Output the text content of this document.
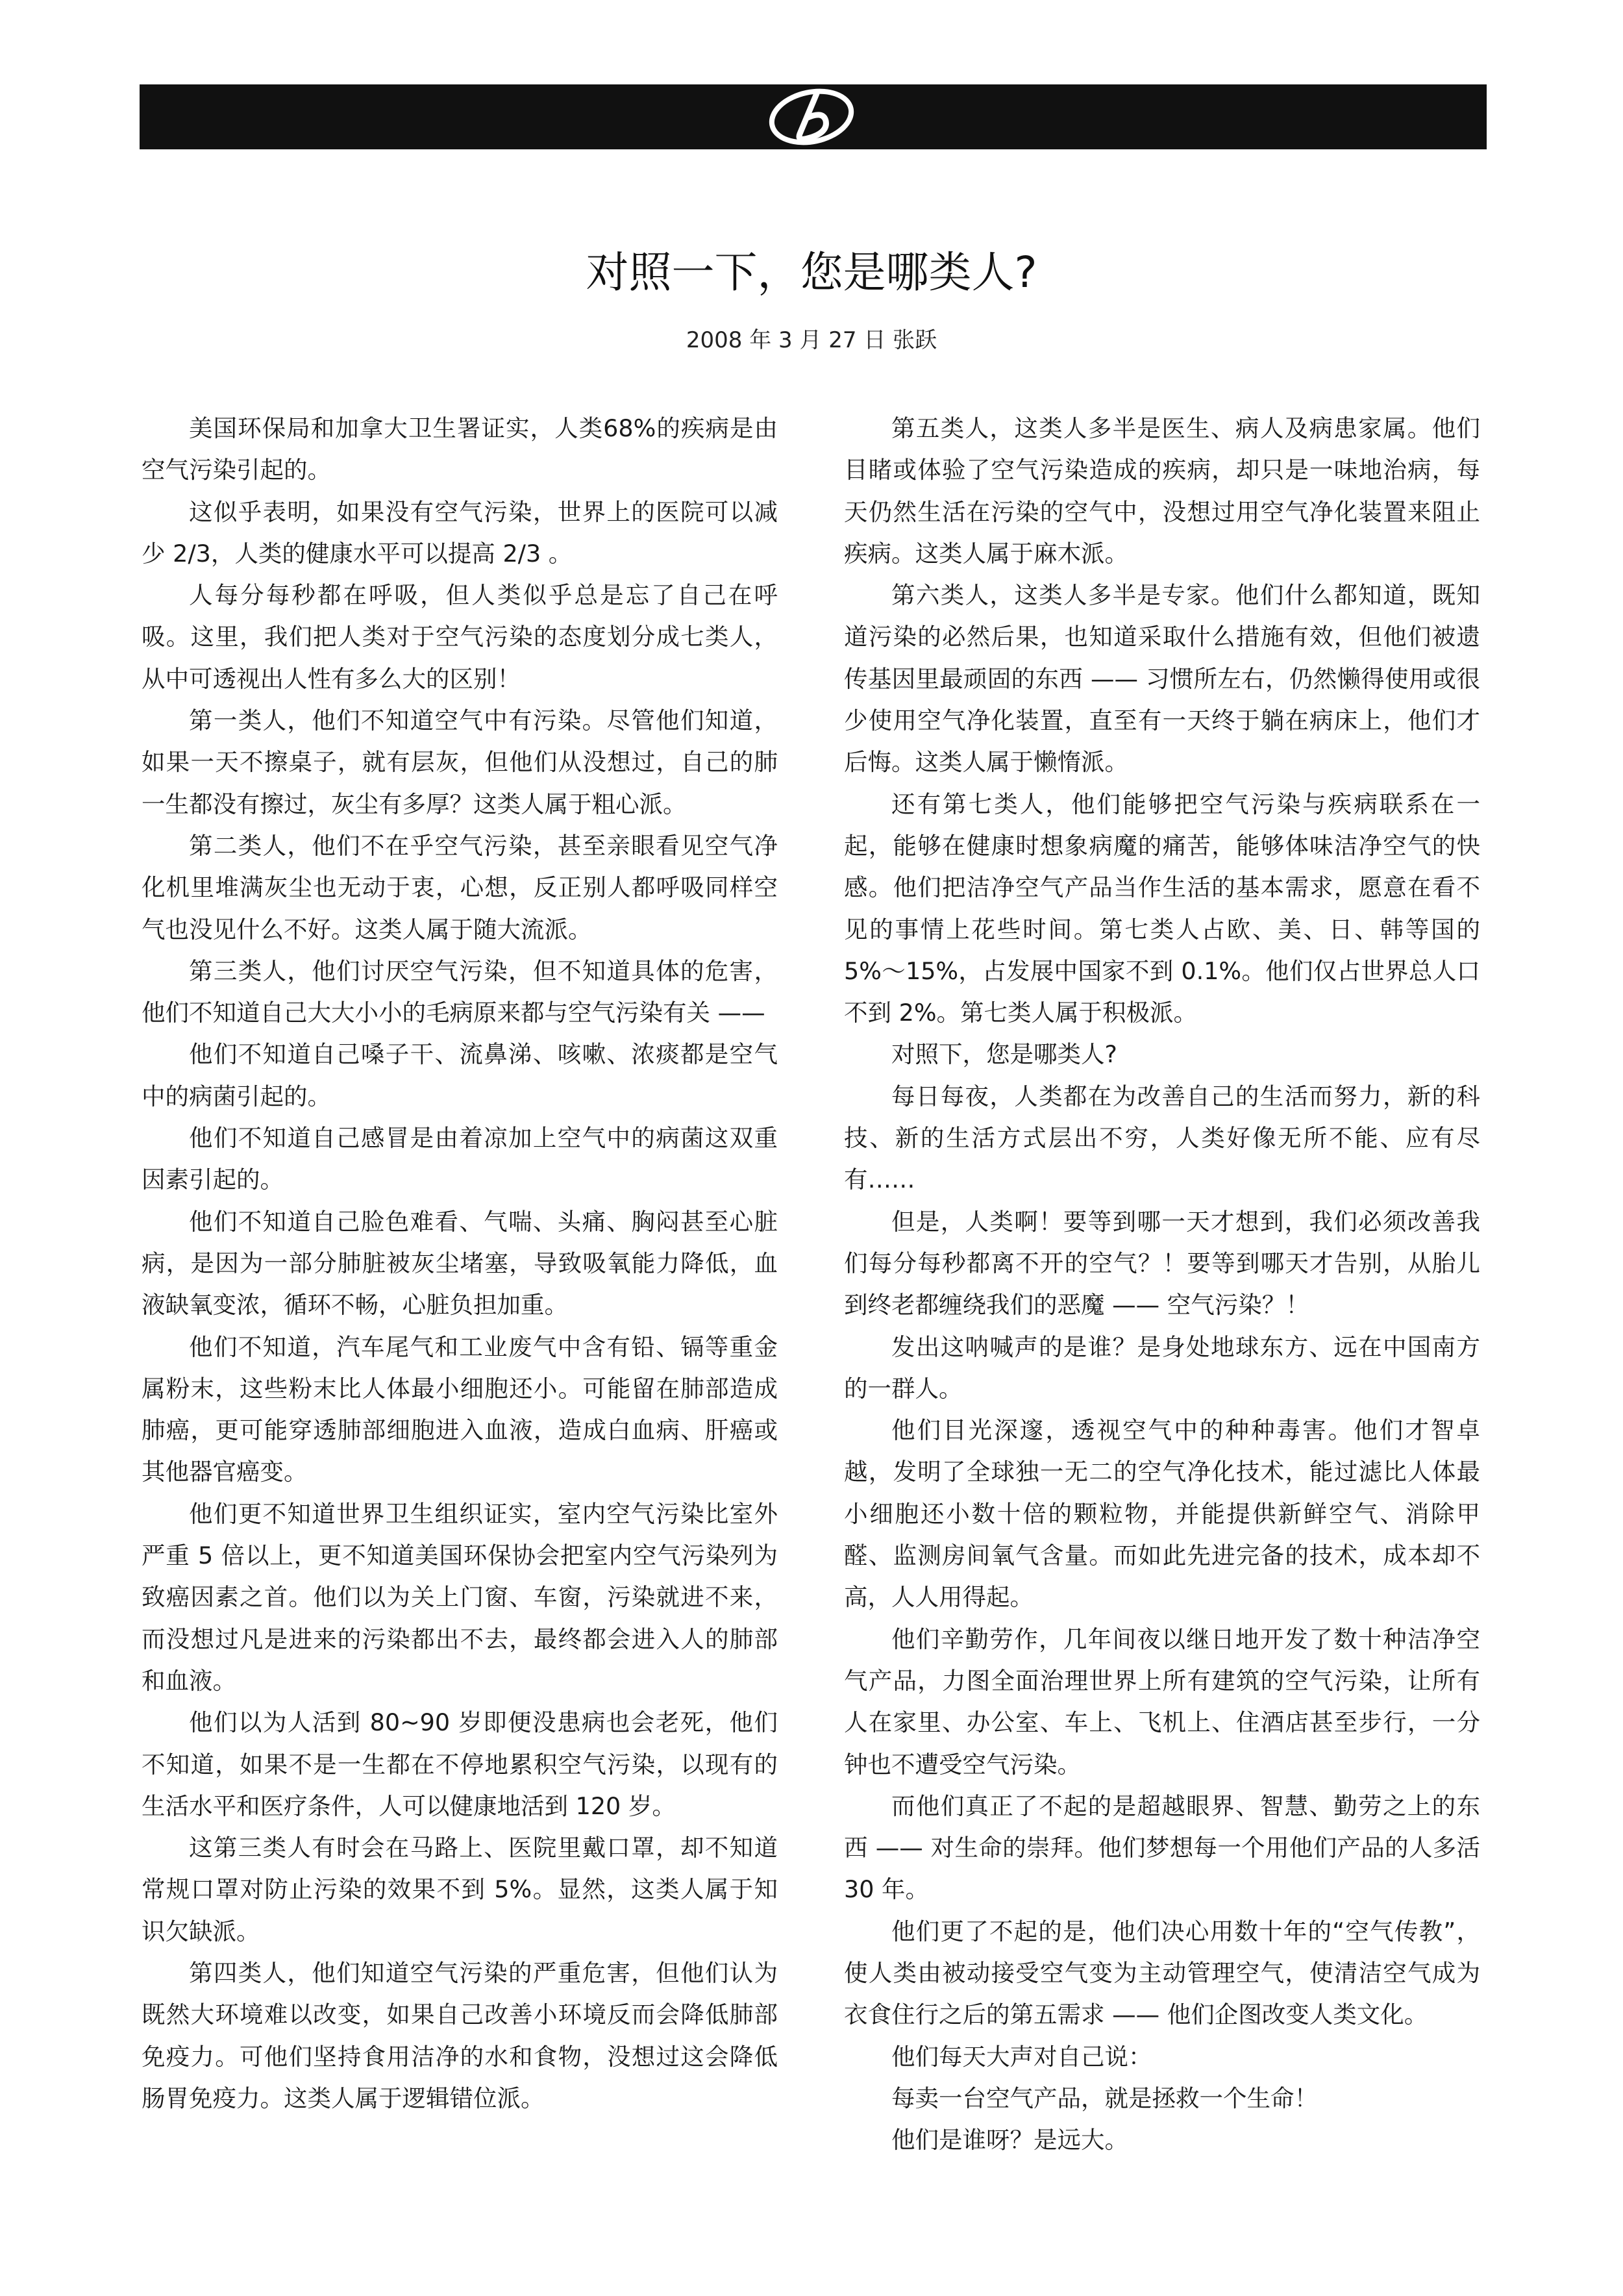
对照一下，您是哪类人?
2008 年 3 月 27 日 张跃

美国环保局和加拿大卫生署证实，人类68%的疾病是由空气污染引起的。

这似乎表明，如果没有空气污染，世界上的医院可以减少 2/3，人类的健康水平可以提高 2/3 。

人每分每秒都在呼吸，但人类似乎总是忘了自己在呼吸。这里，我们把人类对于空气污染的态度划分成七类人，从中可透视出人性有多么大的区别！

第一类人，他们不知道空气中有污染。尽管他们知道，如果一天不擦桌子，就有层灰，但他们从没想过，自己的肺一生都没有擦过，灰尘有多厚？这类人属于粗心派。

第二类人，他们不在乎空气污染，甚至亲眼看见空气净化机里堆满灰尘也无动于衷，心想，反正别人都呼吸同样空气也没见什么不好。这类人属于随大流派。

第三类人，他们讨厌空气污染，但不知道具体的危害，他们不知道自己大大小小的毛病原来都与空气污染有关 ——

他们不知道自己嗓子干、流鼻涕、咳嗽、浓痰都是空气中的病菌引起的。

他们不知道自己感冒是由着凉加上空气中的病菌这双重因素引起的。

他们不知道自己脸色难看、气喘、头痛、胸闷甚至心脏病，是因为一部分肺脏被灰尘堵塞，导致吸氧能力降低，血液缺氧变浓，循环不畅，心脏负担加重。

他们不知道，汽车尾气和工业废气中含有铅、镉等重金属粉末，这些粉末比人体最小细胞还小。可能留在肺部造成肺癌，更可能穿透肺部细胞进入血液，造成白血病、肝癌或其他器官癌变。

他们更不知道世界卫生组织证实，室内空气污染比室外严重 5 倍以上，更不知道美国环保协会把室内空气污染列为致癌因素之首。他们以为关上门窗、车窗，污染就进不来，而没想过凡是进来的污染都出不去，最终都会进入人的肺部和血液。

他们以为人活到 80~90 岁即便没患病也会老死，他们不知道，如果不是一生都在不停地累积空气污染，以现有的生活水平和医疗条件，人可以健康地活到 120 岁。

这第三类人有时会在马路上、医院里戴口罩，却不知道常规口罩对防止污染的效果不到 5%。显然，这类人属于知识欠缺派。

第四类人，他们知道空气污染的严重危害，但他们认为既然大环境难以改变，如果自己改善小环境反而会降低肺部免疫力。可他们坚持食用洁净的水和食物，没想过这会降低肠胃免疫力。这类人属于逻辑错位派。

第五类人，这类人多半是医生、病人及病患家属。他们目睹或体验了空气污染造成的疾病，却只是一味地治病，每天仍然生活在污染的空气中，没想过用空气净化装置来阻止疾病。这类人属于麻木派。

第六类人，这类人多半是专家。他们什么都知道，既知道污染的必然后果，也知道采取什么措施有效，但他们被遗传基因里最顽固的东西 —— 习惯所左右，仍然懒得使用或很少使用空气净化装置，直至有一天终于躺在病床上，他们才后悔。这类人属于懒惰派。

还有第七类人，他们能够把空气污染与疾病联系在一起，能够在健康时想象病魔的痛苦，能够体味洁净空气的快感。他们把洁净空气产品当作生活的基本需求，愿意在看不见的事情上花些时间。第七类人占欧、美、日、韩等国的 5%～15%，占发展中国家不到 0.1%。他们仅占世界总人口不到 2%。第七类人属于积极派。

对照下，您是哪类人?

每日每夜，人类都在为改善自己的生活而努力，新的科技、新的生活方式层出不穷，人类好像无所不能、应有尽有……

但是，人类啊！要等到哪一天才想到，我们必须改善我们每分每秒都离不开的空气？！要等到哪天才告别，从胎儿到终老都缠绕我们的恶魔 —— 空气污染？！

发出这呐喊声的是谁？是身处地球东方、远在中国南方的一群人。

他们目光深邃，透视空气中的种种毒害。他们才智卓越，发明了全球独一无二的空气净化技术，能过滤比人体最小细胞还小数十倍的颗粒物，并能提供新鲜空气、消除甲醛、监测房间氧气含量。而如此先进完备的技术，成本却不高，人人用得起。

他们辛勤劳作，几年间夜以继日地开发了数十种洁净空气产品，力图全面治理世界上所有建筑的空气污染，让所有人在家里、办公室、车上、飞机上、住酒店甚至步行，一分钟也不遭受空气污染。

而他们真正了不起的是超越眼界、智慧、勤劳之上的东西 —— 对生命的崇拜。他们梦想每一个用他们产品的人多活 30 年。

他们更了不起的是，他们决心用数十年的“空气传教”，使人类由被动接受空气变为主动管理空气，使清洁空气成为衣食住行之后的第五需求 —— 他们企图改变人类文化。

他们每天大声对自己说：

每卖一台空气产品，就是拯救一个生命！

他们是谁呀？是远大。
